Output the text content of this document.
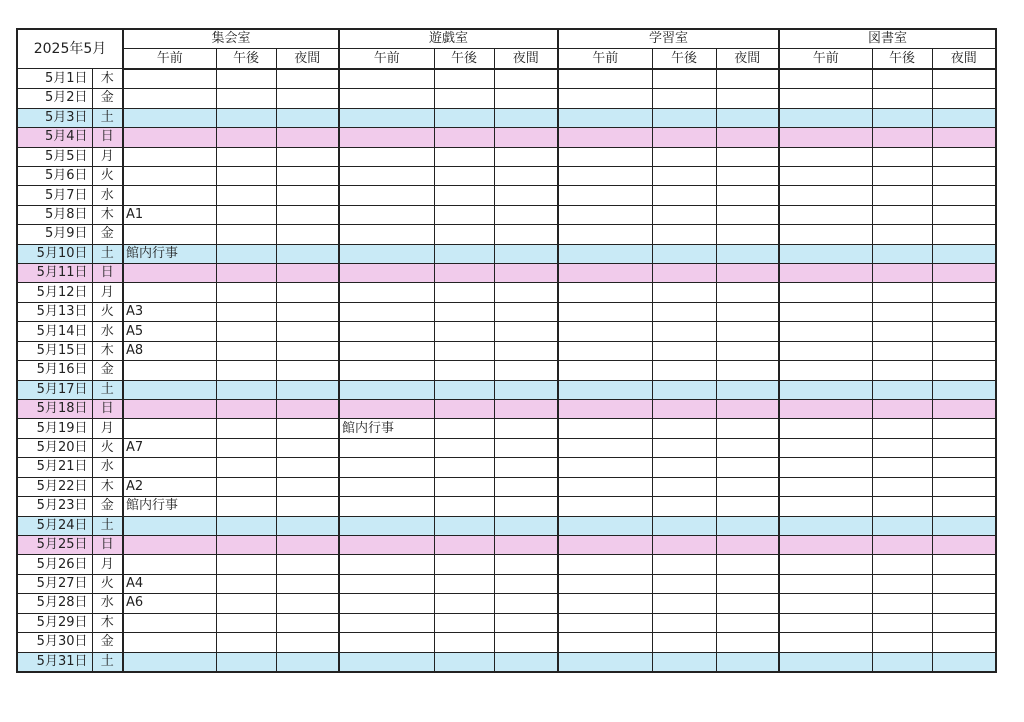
2025年5月		集会室			遊戯室			学習室			図書室		
		午前	午後	夜間	午前	午後	夜間	午前	午後	夜間	午前	午後	夜間
5月1日	木												
5月2日	金												
5月3日	土												
5月4日	日												
5月5日	月												
5月6日	火												
5月7日	水												
5月8日	木	A1											
5月9日	金												
5月10日	土	館内行事											
5月11日	日												
5月12日	月												
5月13日	火	A3											
5月14日	水	A5											
5月15日	木	A8											
5月16日	金												
5月17日	土												
5月18日	日												
5月19日	月				館内行事								
5月20日	火	A7											
5月21日	水												
5月22日	木	A2											
5月23日	金	館内行事											
5月24日	土												
5月25日	日												
5月26日	月												
5月27日	火	A4											
5月28日	水	A6											
5月29日	木												
5月30日	金												
5月31日	土												
